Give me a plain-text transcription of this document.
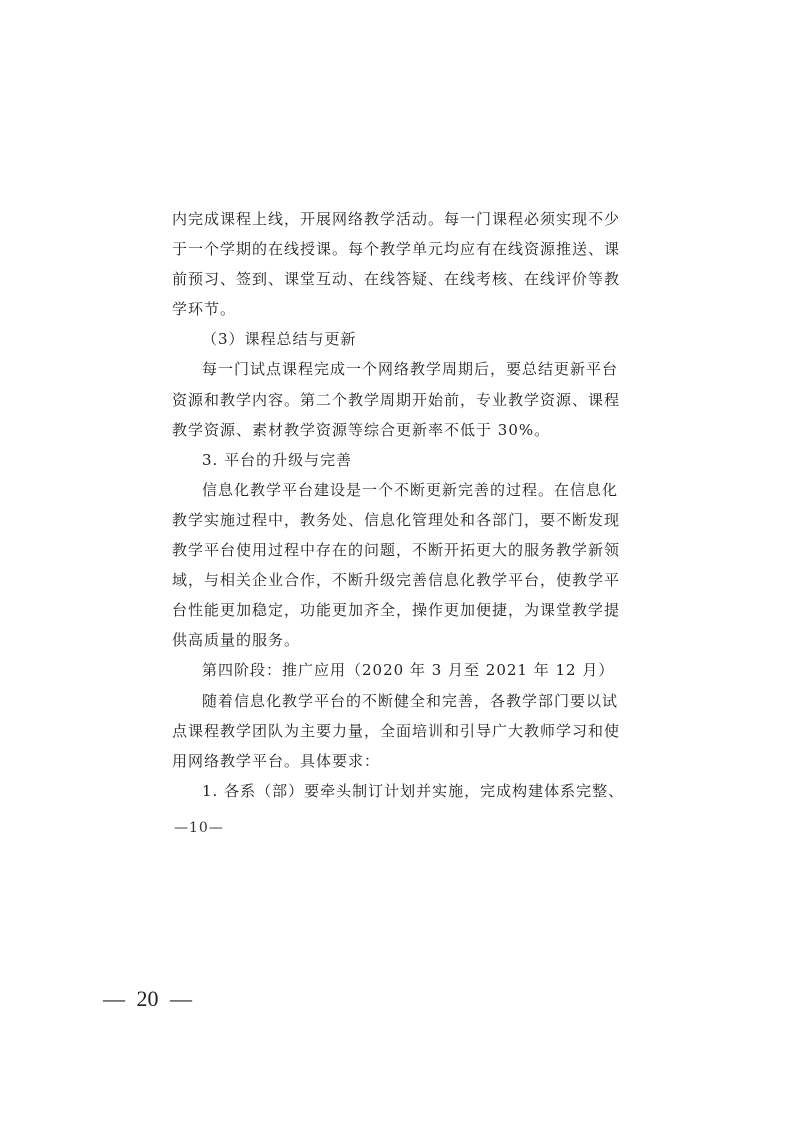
内完成课程上线，开展网络教学活动。每一门课程必须实现不少
于一个学期的在线授课。每个教学单元均应有在线资源推送、课
前预习、签到、课堂互动、在线答疑、在线考核、在线评价等教
学环节。
（3）课程总结与更新
每一门试点课程完成一个网络教学周期后，要总结更新平台
资源和教学内容。第二个教学周期开始前，专业教学资源、课程
教学资源、素材教学资源等综合更新率不低于 30%。
3. 平台的升级与完善
信息化教学平台建设是一个不断更新完善的过程。在信息化
教学实施过程中，教务处、信息化管理处和各部门，要不断发现
教学平台使用过程中存在的问题，不断开拓更大的服务教学新领
域，与相关企业合作，不断升级完善信息化教学平台，使教学平
台性能更加稳定，功能更加齐全，操作更加便捷，为课堂教学提
供高质量的服务。
第四阶段：推广应用（2020 年 3 月至 2021 年 12 月）
随着信息化教学平台的不断健全和完善，各教学部门要以试
点课程教学团队为主要力量，全面培训和引导广大教师学习和使
用网络教学平台。具体要求：
1. 各系（部）要牵头制订计划并实施，完成构建体系完整、
—10—
— 20 —
